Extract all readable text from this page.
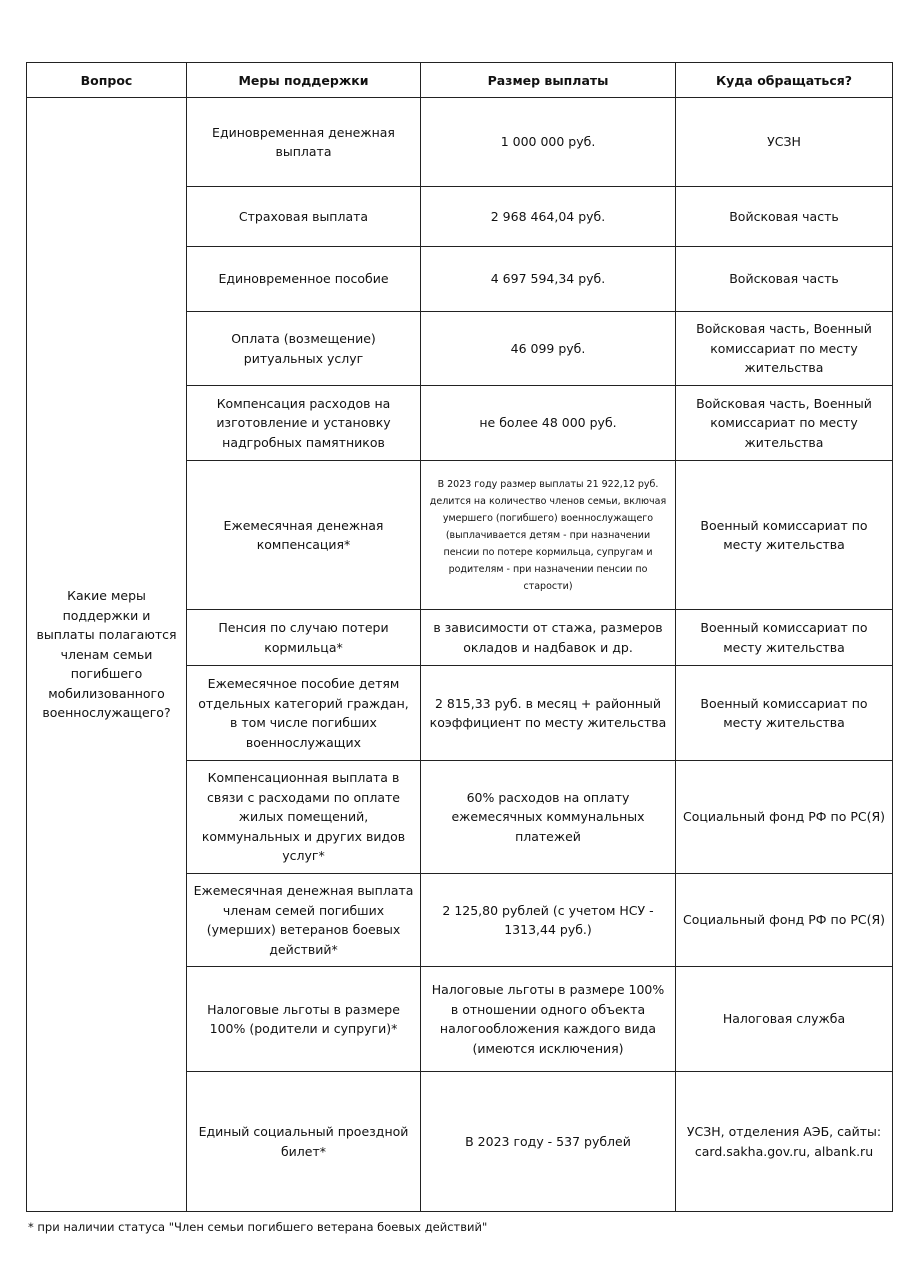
Вопрос	Меры поддержки	Размер выплаты	Куда обращаться?
Какие меры поддержки и выплаты полагаются членам семьи погибшего мобилизованного военнослужащего?	Единовременная денежная выплата	1 000 000 руб.	УСЗН
	Страховая выплата	2 968 464,04 руб.	Войсковая часть
	Единовременное пособие	4 697 594,34 руб.	Войсковая часть
	Оплата (возмещение) ритуальных услуг	46 099 руб.	Войсковая часть, Военный комиссариат по месту жительства
	Компенсация расходов на изготовление и установку надгробных памятников	не более 48 000 руб.	Войсковая часть, Военный комиссариат по месту жительства
	Ежемесячная денежная компенсация*	В 2023 году размер выплаты 21 922,12 руб. делится на количество членов семьи, включая умершего (погибшего) военнослужащего (выплачивается детям - при назначении пенсии по потере кормильца, супругам и родителям - при назначении пенсии по старости)	Военный комиссариат по месту жительства
	Пенсия по случаю потери кормильца*	в зависимости от стажа, размеров окладов и надбавок и др.	Военный комиссариат по месту жительства
	Ежемесячное пособие детям отдельных категорий граждан, в том числе погибших военнослужащих	2 815,33 руб. в месяц + районный коэффициент по месту жительства	Военный комиссариат по месту жительства
	Компенсационная выплата в связи с расходами по оплате жилых помещений, коммунальных и других видов услуг*	60% расходов на оплату ежемесячных коммунальных платежей	Социальный фонд РФ по РС(Я)
	Ежемесячная денежная выплата членам семей погибших (умерших) ветеранов боевых действий*	2 125,80 рублей (с учетом НСУ - 1313,44 руб.)	Социальный фонд РФ по РС(Я)
	Налоговые льготы в размере 100% (родители и супруги)*	Налоговые льготы в размере 100% в отношении одного объекта налогообложения каждого вида (имеются исключения)	Налоговая служба
	Единый социальный проездной билет*	В 2023 году - 537 рублей	УСЗН, отделения АЭБ, сайты: card.sakha.gov.ru, albank.ru
* при наличии статуса "Член семьи погибшего ветерана боевых действий"
